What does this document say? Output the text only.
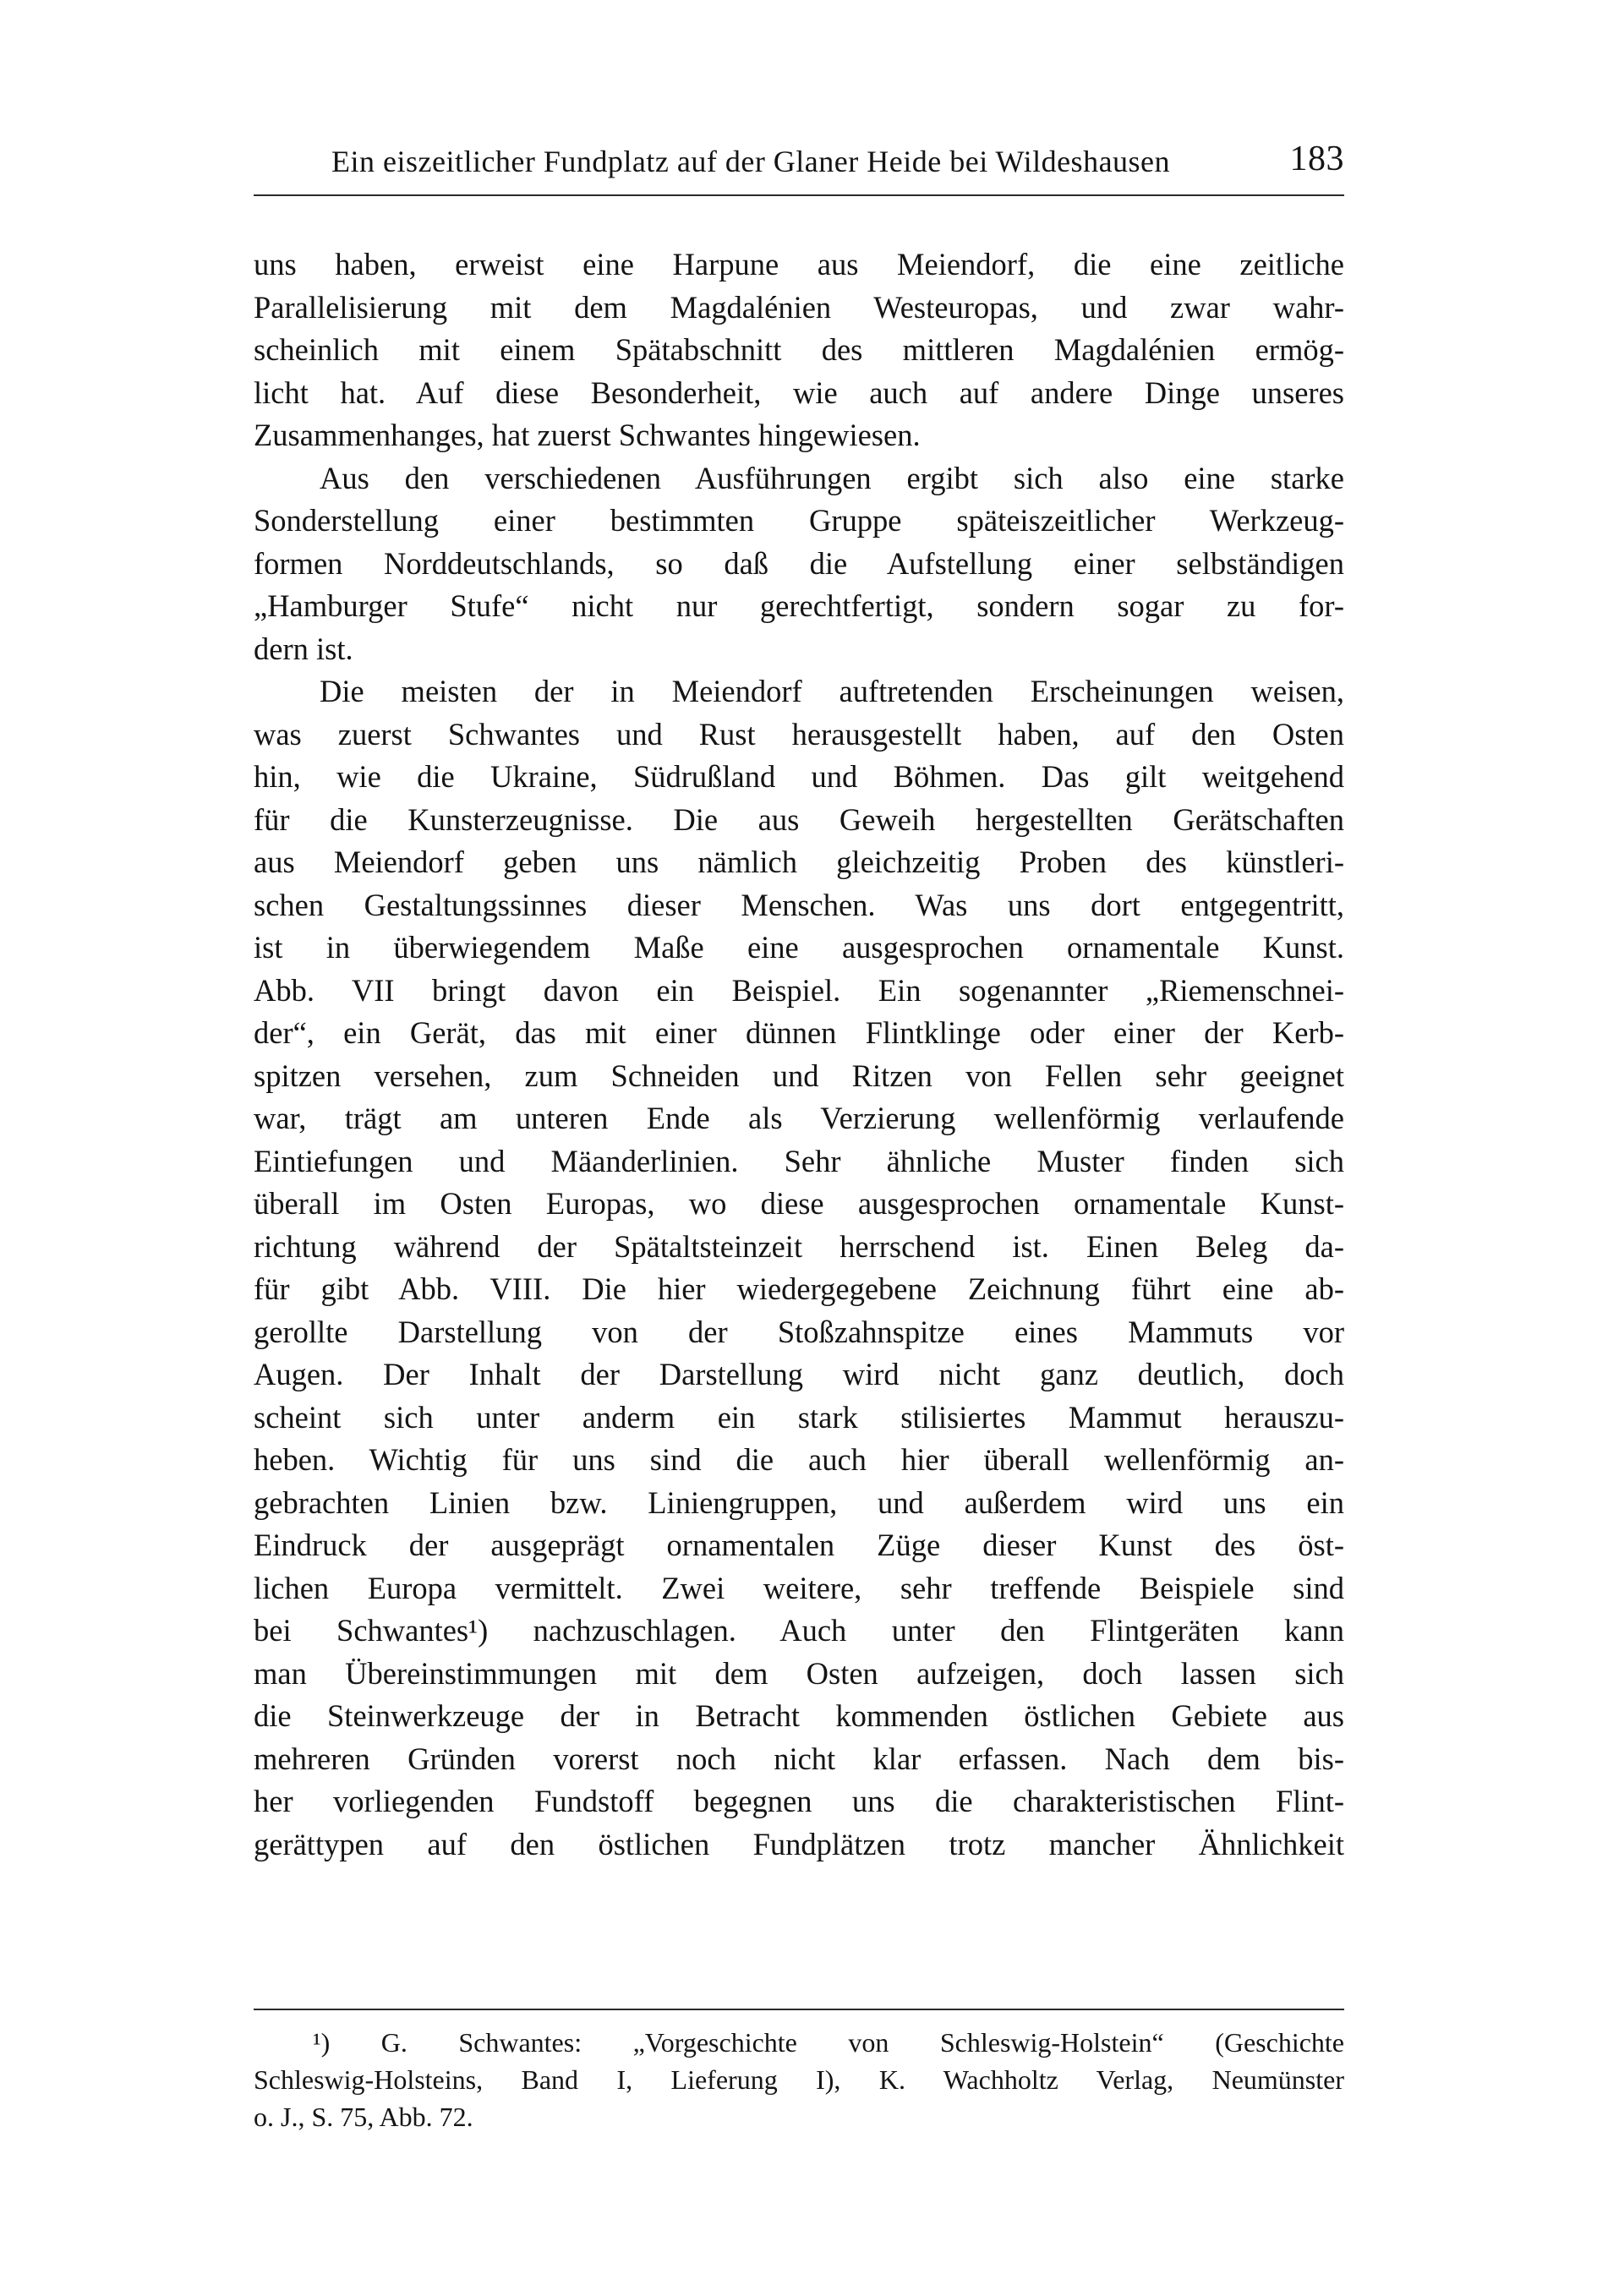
Ein eiszeitlicher Fundplatz auf der Glaner Heide bei Wildeshausen	183
uns haben, erweist eine Harpune aus Meiendorf, die eine zeitliche
Parallelisierung mit dem Magdalénien Westeuropas, und zwar wahr-
scheinlich mit einem Spätabschnitt des mittleren Magdalénien ermög-
licht hat. Auf diese Besonderheit, wie auch auf andere Dinge unseres
Zusammenhanges, hat zuerst Schwantes hingewiesen.
Aus den verschiedenen Ausführungen ergibt sich also eine starke
Sonderstellung einer bestimmten Gruppe späteiszeitlicher Werkzeug-
formen Norddeutschlands, so daß die Aufstellung einer selbständigen
„Hamburger Stufe“ nicht nur gerechtfertigt, sondern sogar zu for-
dern ist.
Die meisten der in Meiendorf auftretenden Erscheinungen weisen,
was zuerst Schwantes und Rust herausgestellt haben, auf den Osten
hin, wie die Ukraine, Südrußland und Böhmen. Das gilt weitgehend
für die Kunsterzeugnisse. Die aus Geweih hergestellten Gerätschaften
aus Meiendorf geben uns nämlich gleichzeitig Proben des künstleri-
schen Gestaltungssinnes dieser Menschen. Was uns dort entgegentritt,
ist in überwiegendem Maße eine ausgesprochen ornamentale Kunst.
Abb. VII bringt davon ein Beispiel. Ein sogenannter „Riemenschnei-
der“, ein Gerät, das mit einer dünnen Flintklinge oder einer der Kerb-
spitzen versehen, zum Schneiden und Ritzen von Fellen sehr geeignet
war, trägt am unteren Ende als Verzierung wellenförmig verlaufende
Eintiefungen und Mäanderlinien. Sehr ähnliche Muster finden sich
überall im Osten Europas, wo diese ausgesprochen ornamentale Kunst-
richtung während der Spätaltsteinzeit herrschend ist. Einen Beleg da-
für gibt Abb. VIII. Die hier wiedergegebene Zeichnung führt eine ab-
gerollte Darstellung von der Stoßzahnspitze eines Mammuts vor
Augen. Der Inhalt der Darstellung wird nicht ganz deutlich, doch
scheint sich unter anderm ein stark stilisiertes Mammut herauszu-
heben. Wichtig für uns sind die auch hier überall wellenförmig an-
gebrachten Linien bzw. Liniengruppen, und außerdem wird uns ein
Eindruck der ausgeprägt ornamentalen Züge dieser Kunst des öst-
lichen Europa vermittelt. Zwei weitere, sehr treffende Beispiele sind
bei Schwantes¹) nachzuschlagen. Auch unter den Flintgeräten kann
man Übereinstimmungen mit dem Osten aufzeigen, doch lassen sich
die Steinwerkzeuge der in Betracht kommenden östlichen Gebiete aus
mehreren Gründen vorerst noch nicht klar erfassen. Nach dem bis-
her vorliegenden Fundstoff begegnen uns die charakteristischen Flint-
gerättypen auf den östlichen Fundplätzen trotz mancher Ähnlichkeit
¹) G. Schwantes: „Vorgeschichte von Schleswig-Holstein“ (Geschichte
Schleswig-Holsteins, Band I, Lieferung I), K. Wachholtz Verlag, Neumünster
o. J., S. 75, Abb. 72.
